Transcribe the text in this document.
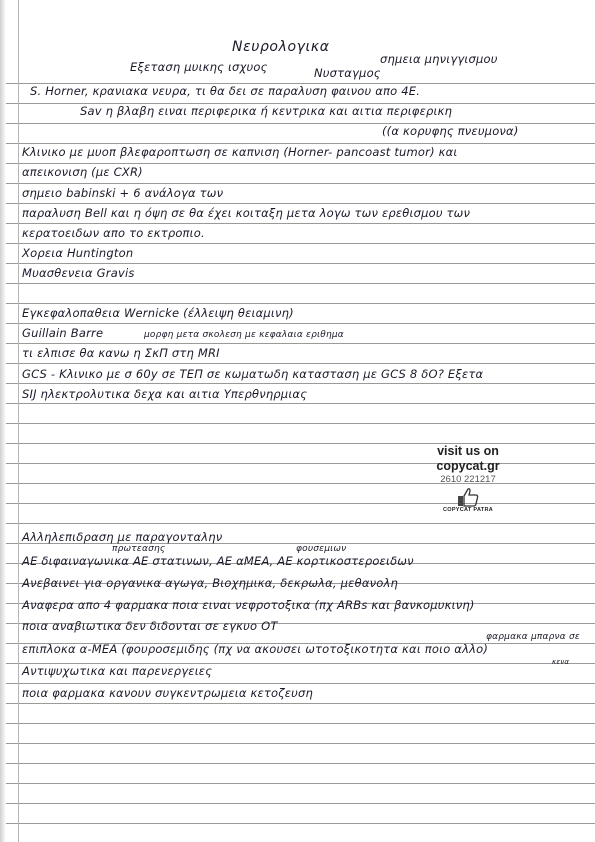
Νευρολογικα
Εξεταση μυικης ισχυος	Νυσταγμος
σημεια μηνιγγισμου
S. Horner, κρανιακα νευρα, τι θα δει σε παραλυση φαινου απο 4Ε.
Sav η βλαβη ειναι περιφερικα ή κεντρικα και αιτια περιφερικη
((α κορυφης πνευμονα)
Κλινικο με μυοπ βλεφαροπτωση σε καπνιση (Horner- pancoast tumor) και
απεικονιση (με CXR)
σημειο babinski + 6 ανάλογα των
παραλυση Bell και η όψη σε θα έχει κοιταξη μετα λογω των ερεθισμου των
κερατοειδων απο το εκτροπιο.
Χορεια Huntington
Μυασθενεια Gravis
Εγκεφαλοπαθεια Wernicke (έλλειψη θειαμινη)
Guillain Barre	μορφη μετα σκολεση με κεφαλαια εριθημα
τι ελπισε θα κανω η ΣκΠ στη MRI
GCS - Κλινικο με σ 60y σε ΤΕΠ σε κωματωδη κατασταση με GCS 8 δΟ? Εξετα
SIJ ηλεκτρολυτικα δεχα και αιτια Υπερθνηρμιας
visit us on
copycat.gr
2610 221217
COPYCAT PATRA
Αλληλεπιδραση με παραγονταλην
πρωτεασης	φουσεμιων
ΑΕ διφαιναγωνικα ΑΕ στατινων, ΑΕ αΜΕΑ, ΑΕ κορτικοστεροειδων
Ανεβαινει για οργανικα αγωγα, Βιοχημικα, δεκρωλα, μεθανολη
Αναφερα απο 4 φαρμακα ποια ειναι νεφροτοξικα (πχ ΑRBs και βανκομυκινη)
ποια αναβιωτικα δεν διδονται σε εγκυο ΟΤ
φαρμακα μπαρνα σε
επιπλοκα α-ΜΕΑ (φουροσεμιδης (πχ να ακουσει ωτοτοξικοτητα και ποιο αλλο)
κενα
Αντιψυχωτικα και παρενεργειες
ποια φαρμακα κανουν συγκεντρωμεια κετοζευση
